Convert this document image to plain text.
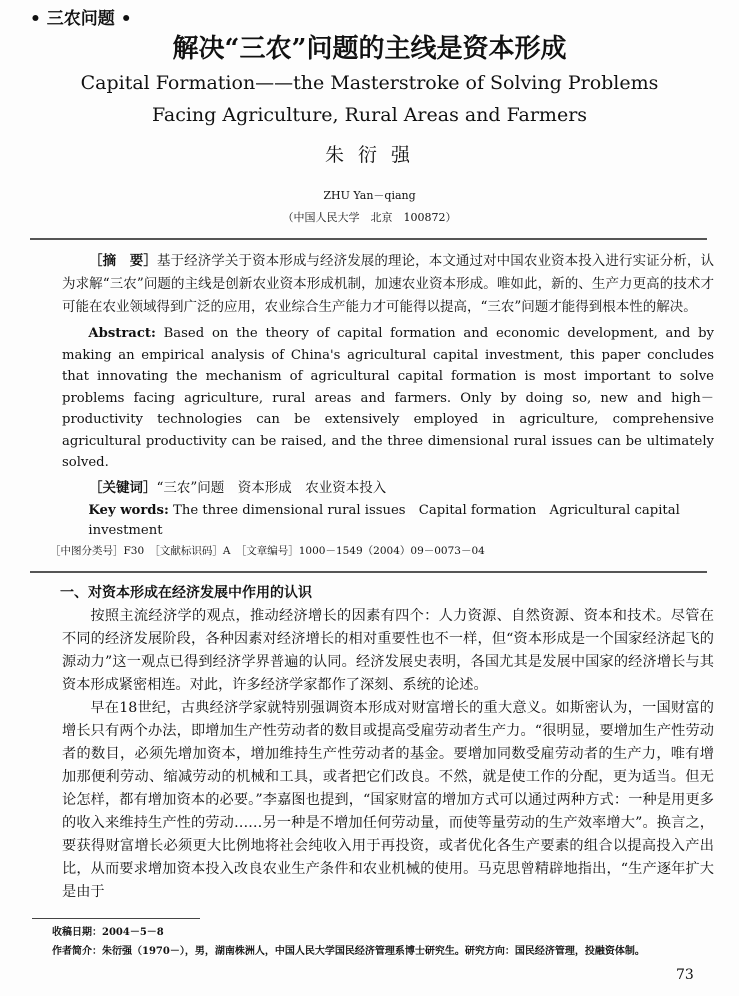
• 三农问题 •
解决“三农”问题的主线是资本形成
Capital Formation——the Masterstroke of Solving Problems
Facing Agriculture, Rural Areas and Farmers
朱 衍 强
ZHU Yan－qiang
（中国人民大学　北京　100872）
［摘　要］基于经济学关于资本形成与经济发展的理论，本文通过对中国农业资本投入进行实证分析，认为求解“三农”问题的主线是创新农业资本形成机制，加速农业资本形成。唯如此，新的、生产力更高的技术才可能在农业领域得到广泛的应用，农业综合生产能力才可能得以提高，“三农”问题才能得到根本性的解决。
Abstract: Based on the theory of capital formation and economic development, and by making an empirical analysis of China's agricultural capital investment, this paper concludes that innovating the mechanism of agricultural capital formation is most important to solve problems facing agriculture, rural areas and farmers. Only by doing so, new and high－productivity technologies can be extensively employed in agriculture, comprehensive agricultural productivity can be raised, and the three dimensional rural issues can be ultimately solved.
［关键词］“三农”问题　资本形成　农业资本投入
Key words: The three dimensional rural issues　Capital formation　Agricultural capital investment
［中图分类号］F30　［文献标识码］A　［文章编号］1000－1549（2004）09－0073－04
一、对资本形成在经济发展中作用的认识
按照主流经济学的观点，推动经济增长的因素有四个：人力资源、自然资源、资本和技术。尽管在不同的经济发展阶段，各种因素对经济增长的相对重要性也不一样，但“资本形成是一个国家经济起飞的源动力”这一观点已得到经济学界普遍的认同。经济发展史表明，各国尤其是发展中国家的经济增长与其资本形成紧密相连。对此，许多经济学家都作了深刻、系统的论述。
早在18世纪，古典经济学家就特别强调资本形成对财富增长的重大意义。如斯密认为，一国财富的增长只有两个办法，即增加生产性劳动者的数目或提高受雇劳动者生产力。“很明显，要增加生产性劳动者的数目，必须先增加资本，增加维持生产性劳动者的基金。要增加同数受雇劳动者的生产力，唯有增加那便利劳动、缩减劳动的机械和工具，或者把它们改良。不然，就是使工作的分配，更为适当。但无论怎样，都有增加资本的必要。”李嘉图也提到，“国家财富的增加方式可以通过两种方式：一种是用更多的收入来维持生产性的劳动……另一种是不增加任何劳动量，而使等量劳动的生产效率增大”。换言之，要获得财富增长必须更大比例地将社会纯收入用于再投资，或者优化各生产要素的组合以提高投入产出比，从而要求增加资本投入改良农业生产条件和农业机械的使用。马克思曾精辟地指出，“生产逐年扩大是由于
收稿日期：2004－5－8
作者简介：朱衍强（1970－），男，湖南株洲人，中国人民大学国民经济管理系博士研究生。研究方向：国民经济管理，投融资体制。
73
